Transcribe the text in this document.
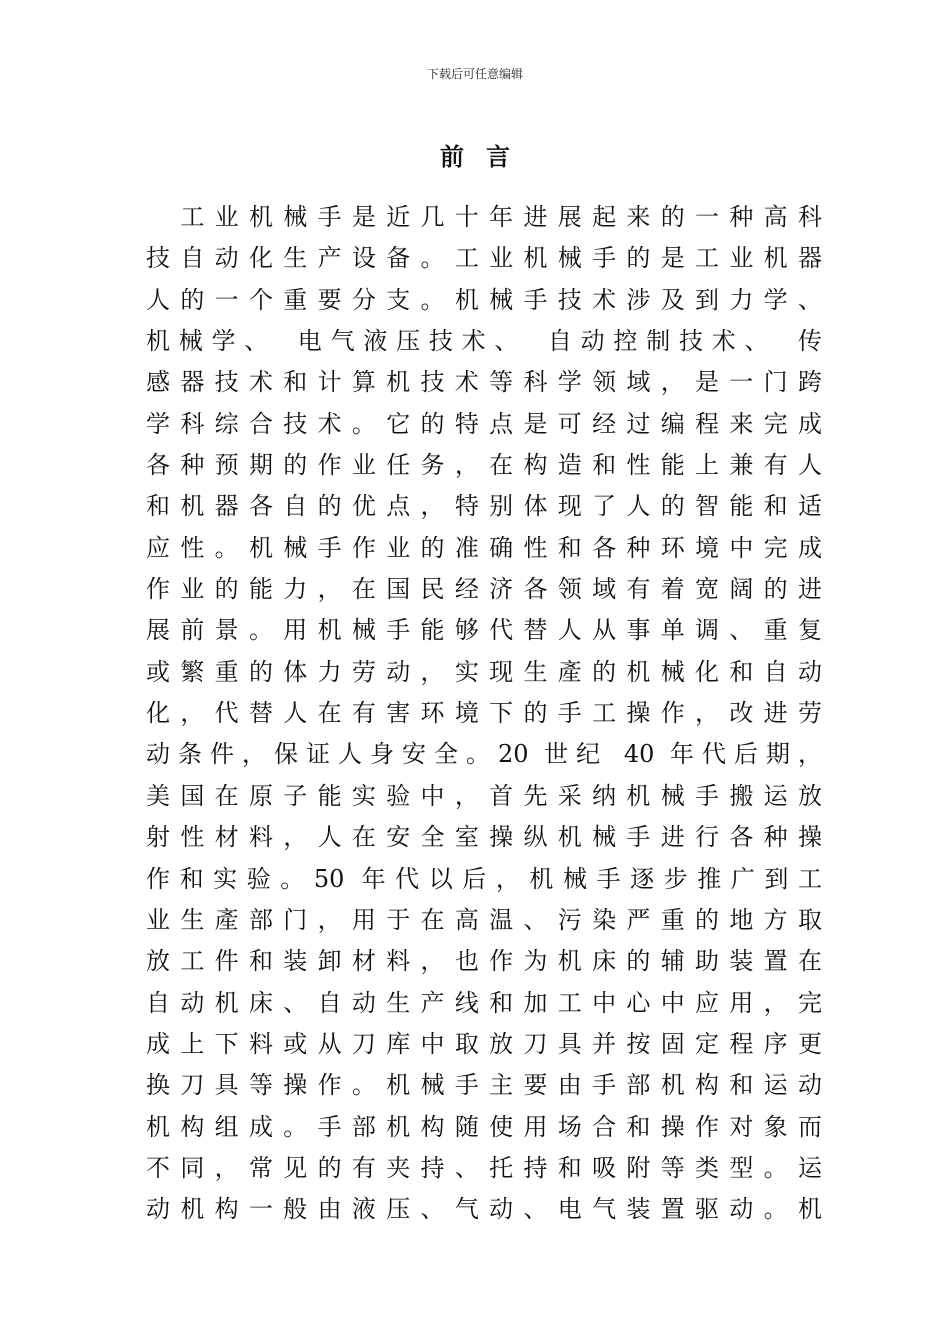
下载后可任意编辑
前言
　工业机械手是近几十年进展起来的一种高科
技自动化生产设备。工业机械手的是工业机器
人的一个重要分支。机械手技术涉及到力学、
机械学、　电气液压技术、　自动控制技术、　传
感器技术和计算机技术等科学领域，是一门跨
学科综合技术。它的特点是可经过编程来完成
各种预期的作业任务，在构造和性能上兼有人
和机器各自的优点，特别体现了人的智能和适
应性。机械手作业的准确性和各种环境中完成
作业的能力，在国民经济各领域有着宽阔的进
展前景。用机械手能够代替人从事单调、重复
或繁重的体力劳动，实现生產的机械化和自动
化，代替人在有害环境下的手工操作，改进劳
动条件，保证人身安全。20 世纪 40 年代后期，
美国在原子能实验中，首先采纳机械手搬运放
射性材料，人在安全室操纵机械手进行各种操
作和实验。50 年代以后，机械手逐步推广到工
业生產部门，用于在高温、污染严重的地方取
放工件和装卸材料，也作为机床的辅助装置在
自动机床、自动生产线和加工中心中应用，完
成上下料或从刀库中取放刀具并按固定程序更
换刀具等操作。机械手主要由手部机构和运动
机构组成。手部机构随使用场合和操作对象而
不同，常见的有夹持、托持和吸附等类型。运
动机构一般由液压、气动、电气装置驱动。机
